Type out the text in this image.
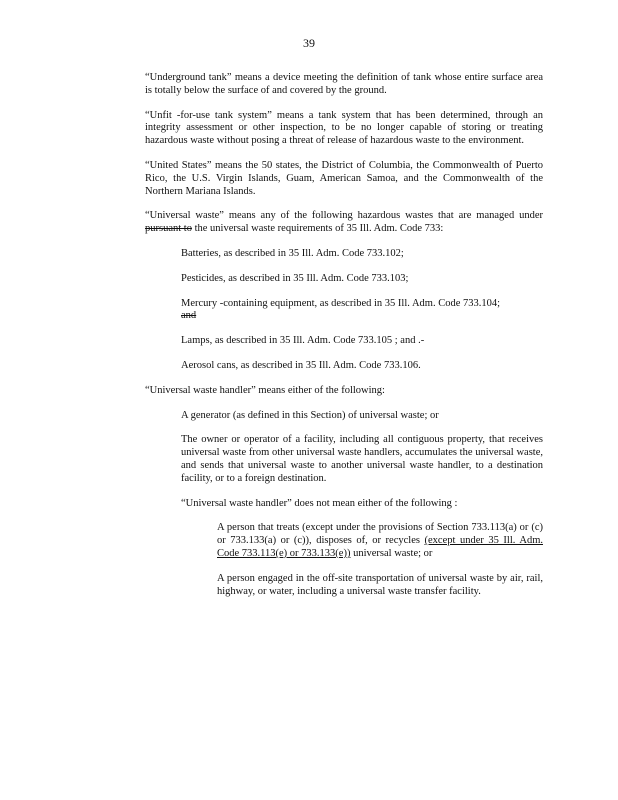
39

“Underground tank” means a device meeting the definition of tank whose entire surface area is totally below the surface of and covered by the ground.

“Unfit -for-use tank system” means a tank system that has been determined, through an integrity assessment or other inspection, to be no longer capable of storing or treating hazardous waste without posing a threat of release of hazardous waste to the environment.

“United States” means the 50 states, the District of Columbia, the Commonwealth of Puerto Rico, the U.S. Virgin Islands, Guam, American Samoa, and the Commonwealth of the Northern Mariana Islands.

“Universal waste” means any of the following hazardous wastes that are managed under pursuant to the universal waste requirements of 35 Ill. Adm. Code 733:

Batteries, as described in 35 Ill. Adm. Code 733.102;

Pesticides, as described in 35 Ill. Adm. Code 733.103;

Mercury -containing equipment, as described in 35 Ill. Adm. Code 733.104;
and

Lamps, as described in 35 Ill. Adm. Code 733.105 ; and .-

Aerosol cans, as described in 35 Ill. Adm. Code 733.106.

“Universal waste handler” means either of the following:

A generator (as defined in this Section) of universal waste; or

The owner or operator of a facility, including all contiguous property, that receives universal waste from other universal waste handlers, accumulates the universal waste, and sends that universal waste to another universal waste handler, to a destination facility, or to a foreign destination.

“Universal waste handler” does not mean either of the following :

A person that treats (except under the provisions of Section 733.113(a) or (c) or 733.133(a) or (c)), disposes of, or recycles (except under 35 Ill. Adm. Code 733.113(e) or 733.133(e)) universal waste; or

A person engaged in the off-site transportation of universal waste by air, rail, highway, or water, including a universal waste transfer facility.
